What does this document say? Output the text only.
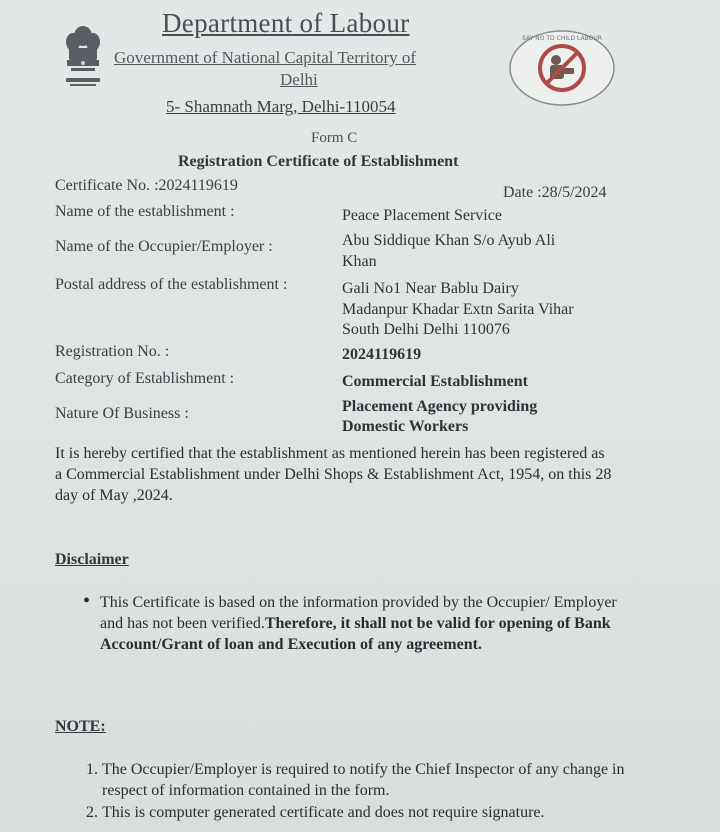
SAY NO TO CHILD LABOUR
Department of Labour
Government of National Capital Territory of
Delhi
5- Shamnath Marg, Delhi-110054
Form C
Registration Certificate of Establishment
Certificate No. :2024119619	Date :28/5/2024
Name of the establishment :	Peace Placement Service
Name of the Occupier/Employer :	Abu Siddique Khan S/o Ayub Ali
Khan
Postal address of the establishment :	Gali No1 Near Bablu Dairy
Madanpur Khadar Extn Sarita Vihar
South Delhi Delhi 110076
Registration No. :	2024119619
Category of Establishment :	Commercial Establishment
Nature Of Business :	Placement Agency providing
Domestic Workers
It is hereby certified that the establishment as mentioned herein has been registered as a Commercial Establishment under Delhi Shops & Establishment Act, 1954, on this 28 day of May ,2024.
Disclaimer
• This Certificate is based on the information provided by the Occupier/ Employer and has not been verified.Therefore, it shall not be valid for opening of Bank Account/Grant of loan and Execution of any agreement.
NOTE:
1. The Occupier/Employer is required to notify the Chief Inspector of any change in respect of information contained in the form.
2. This is computer generated certificate and does not require signature.
